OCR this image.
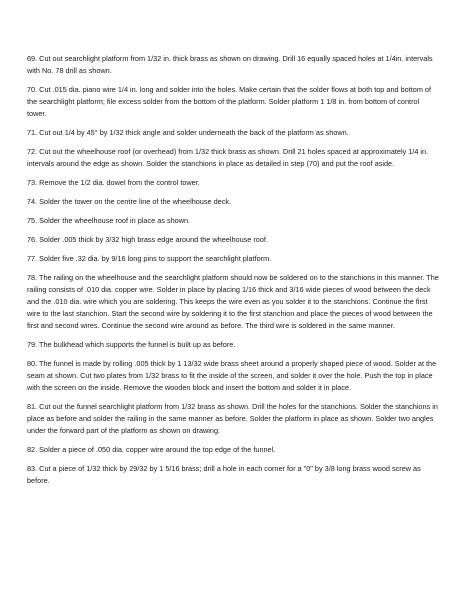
69. Cut out searchlight platform from 1/32 in. thick brass as shown on drawing. Drill 16 equally spaced holes at 1/4in. intervals with No. 78 drill as shown.

70. Cut .015 dia. piano wire 1/4 in. long and solder into the holes. Make certain that the solder flows at both top and bottom of the searchlight platform; file excess solder from the bottom of the platform. Solder platform 1 1/8 in. from bottom of control tower.

71. Cut out 1/4 by 45° by 1/32 thick angle and solder underneath the back of the platform as shown.

72. Cut out the wheelhouse roof (or overhead) from 1/32 thick brass as shown. Drill 21 holes spaced at approximately 1/4 in. intervals around the edge as shown. Solder the stanchions in place as detailed in step (70) and put the roof aside.

73. Remove the 1/2 dia. dowel from the control tower.

74. Solder the tower on the centre line of the wheelhouse deck.

75. Solder the wheelhouse roof in place as shown.

76. Solder .005 thick by 3/32 high brass edge around the wheelhouse roof.

77. Solder five .32 dia. by 9/16 long pins to support the searchlight platform.

78. The railing on the wheelhouse and the searchlight platform should now be soldered on to the stanchions in this manner. The railing consists of .010 dia. copper wire. Solder in place by placing 1/16 thick and 3/16 wide pieces of wood between the deck and the .010 dia. wire which you are soldering. This keeps the wire even as you solder it to the stanchions. Continue the first wire to the last stanchion. Start the second wire by soldering it to the first stanchion and place the pieces of wood between the first and second wires. Continue the second wire around as before. The third wire is soldered in the same manner.

79. The bulkhead which supports the funnel is built up as before.

80. The funnel is made by rolling .005 thick by 1 13/32 wide brass sheet around a properly shaped piece of wood. Solder at the seam at shown. Cut two plates from 1/32 brass to fit the inside of the screen, and solder it over the hole. Push the top in place with the screen on the inside. Remove the wooden block and insert the bottom and solder it in place.

81. Cut out the funnel searchlight platform from 1/32 brass as shown. Drill the holes for the stanchions. Solder the stanchions in place as before and solder the railing in the same manner as before. Solder the platform in place as shown. Solder two angles under the forward part of the platform as shown on drawing.

82. Solder a piece of .050 dia. copper wire around the top edge of the funnel.

83. Cut a piece of 1/32 thick by 29/32 by 1 5/16 brass; drill a hole in each corner for a "0" by 3/8 long brass wood screw as before.
